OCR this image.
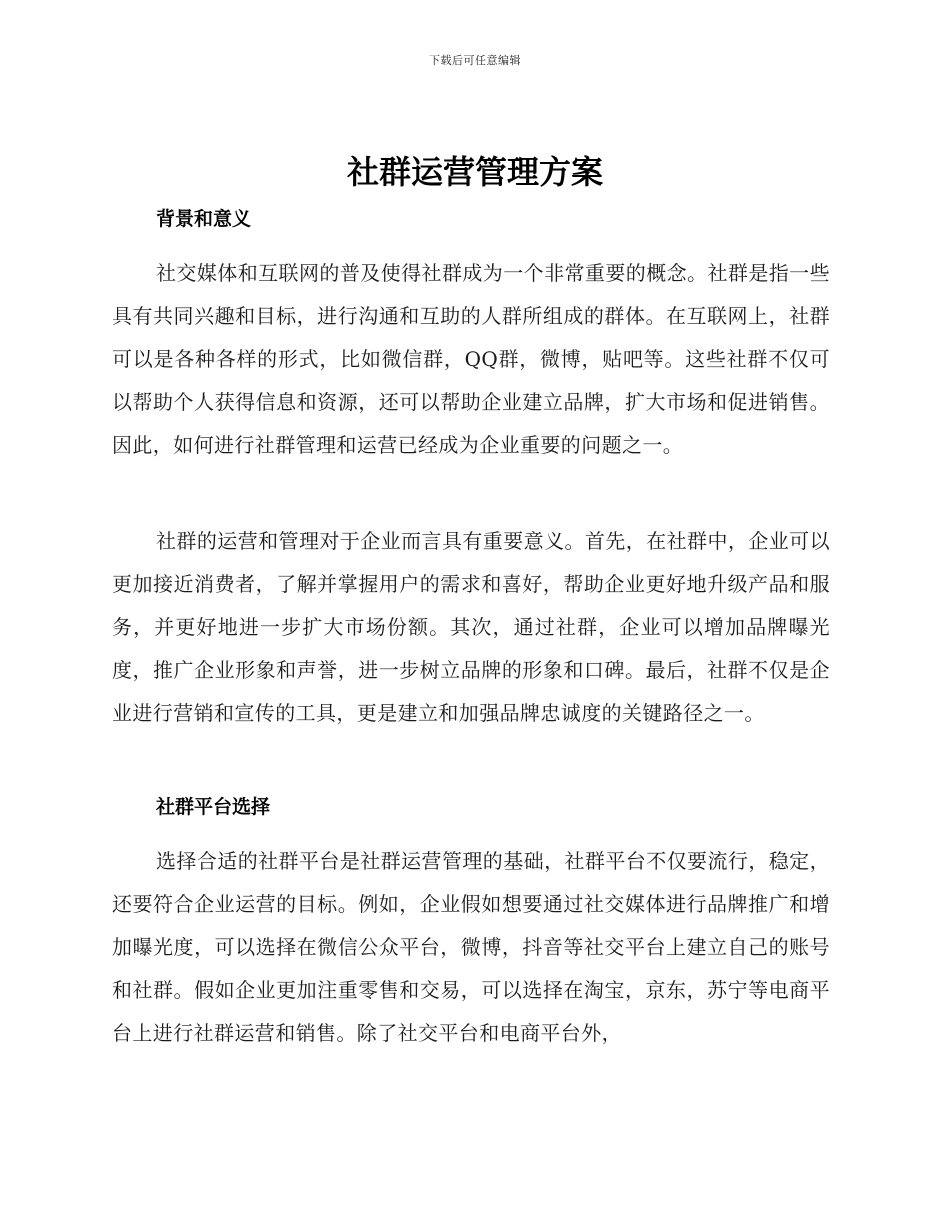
下载后可任意编辑
社群运营管理方案
背景和意义

社交媒体和互联网的普及使得社群成为一个非常重要的概念。社群是指一些具有共同兴趣和目标，进行沟通和互助的人群所组成的群体。在互联网上，社群可以是各种各样的形式，比如微信群，QQ群，微博，贴吧等。这些社群不仅可以帮助个人获得信息和资源，还可以帮助企业建立品牌，扩大市场和促进销售。因此，如何进行社群管理和运营已经成为企业重要的问题之一。

社群的运营和管理对于企业而言具有重要意义。首先，在社群中，企业可以更加接近消费者，了解并掌握用户的需求和喜好，帮助企业更好地升级产品和服务，并更好地进一步扩大市场份额。其次，通过社群，企业可以增加品牌曝光度，推广企业形象和声誉，进一步树立品牌的形象和口碑。最后，社群不仅是企业进行营销和宣传的工具，更是建立和加强品牌忠诚度的关键路径之一。

社群平台选择

选择合适的社群平台是社群运营管理的基础，社群平台不仅要流行，稳定，还要符合企业运营的目标。例如，企业假如想要通过社交媒体进行品牌推广和增加曝光度，可以选择在微信公众平台，微博，抖音等社交平台上建立自己的账号和社群。假如企业更加注重零售和交易，可以选择在淘宝，京东，苏宁等电商平台上进行社群运营和销售。除了社交平台和电商平台外，
